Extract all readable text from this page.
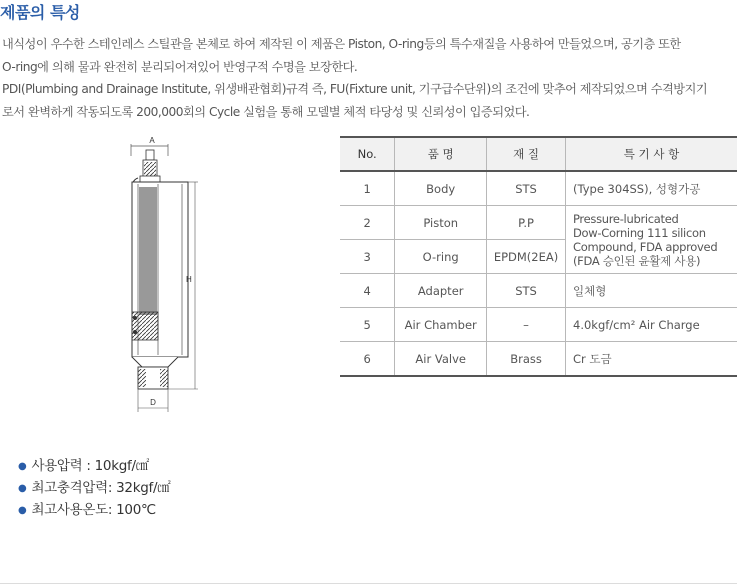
제품의 특성

내식성이 우수한 스테인레스 스틸관을 본체로 하여 제작된 이 제품은 Piston, O-ring등의 특수재질을 사용하여 만들었으며, 공기층 또한

O-ring에 의해 물과 완전히 분리되어져있어 반영구적 수명을 보장한다.

PDI(Plumbing and Drainage Institute, 위생배관협회)규격 즉, FU(Fixture unit, 기구급수단위)의 조건에 맞추어 제작되었으며 수격방지기

로서 완벽하게 작동되도록 200,000회의 Cycle 실험을 통해 모델별 체적 타당성 및 신뢰성이 입증되었다.

A
H
D
No.	품 명	재 질	특 기 사 항
1	Body	STS	(Type 304SS), 성형가공
2	Piston	P.P	Pressure-lubricated
Dow-Corning 111 silicon
Compound, FDA approved
(FDA 승인된 윤활제 사용)

3	O-ring	EPDM(2EA)	
4	Adapter	STS	일체형
5	Air Chamber	–	4.0kgf/cm² Air Charge
6	Air Valve	Brass	Cr 도금
● 사용압력 : 10kgf/㎠
● 최고충격압력: 32kgf/㎠
● 최고사용온도: 100℃
